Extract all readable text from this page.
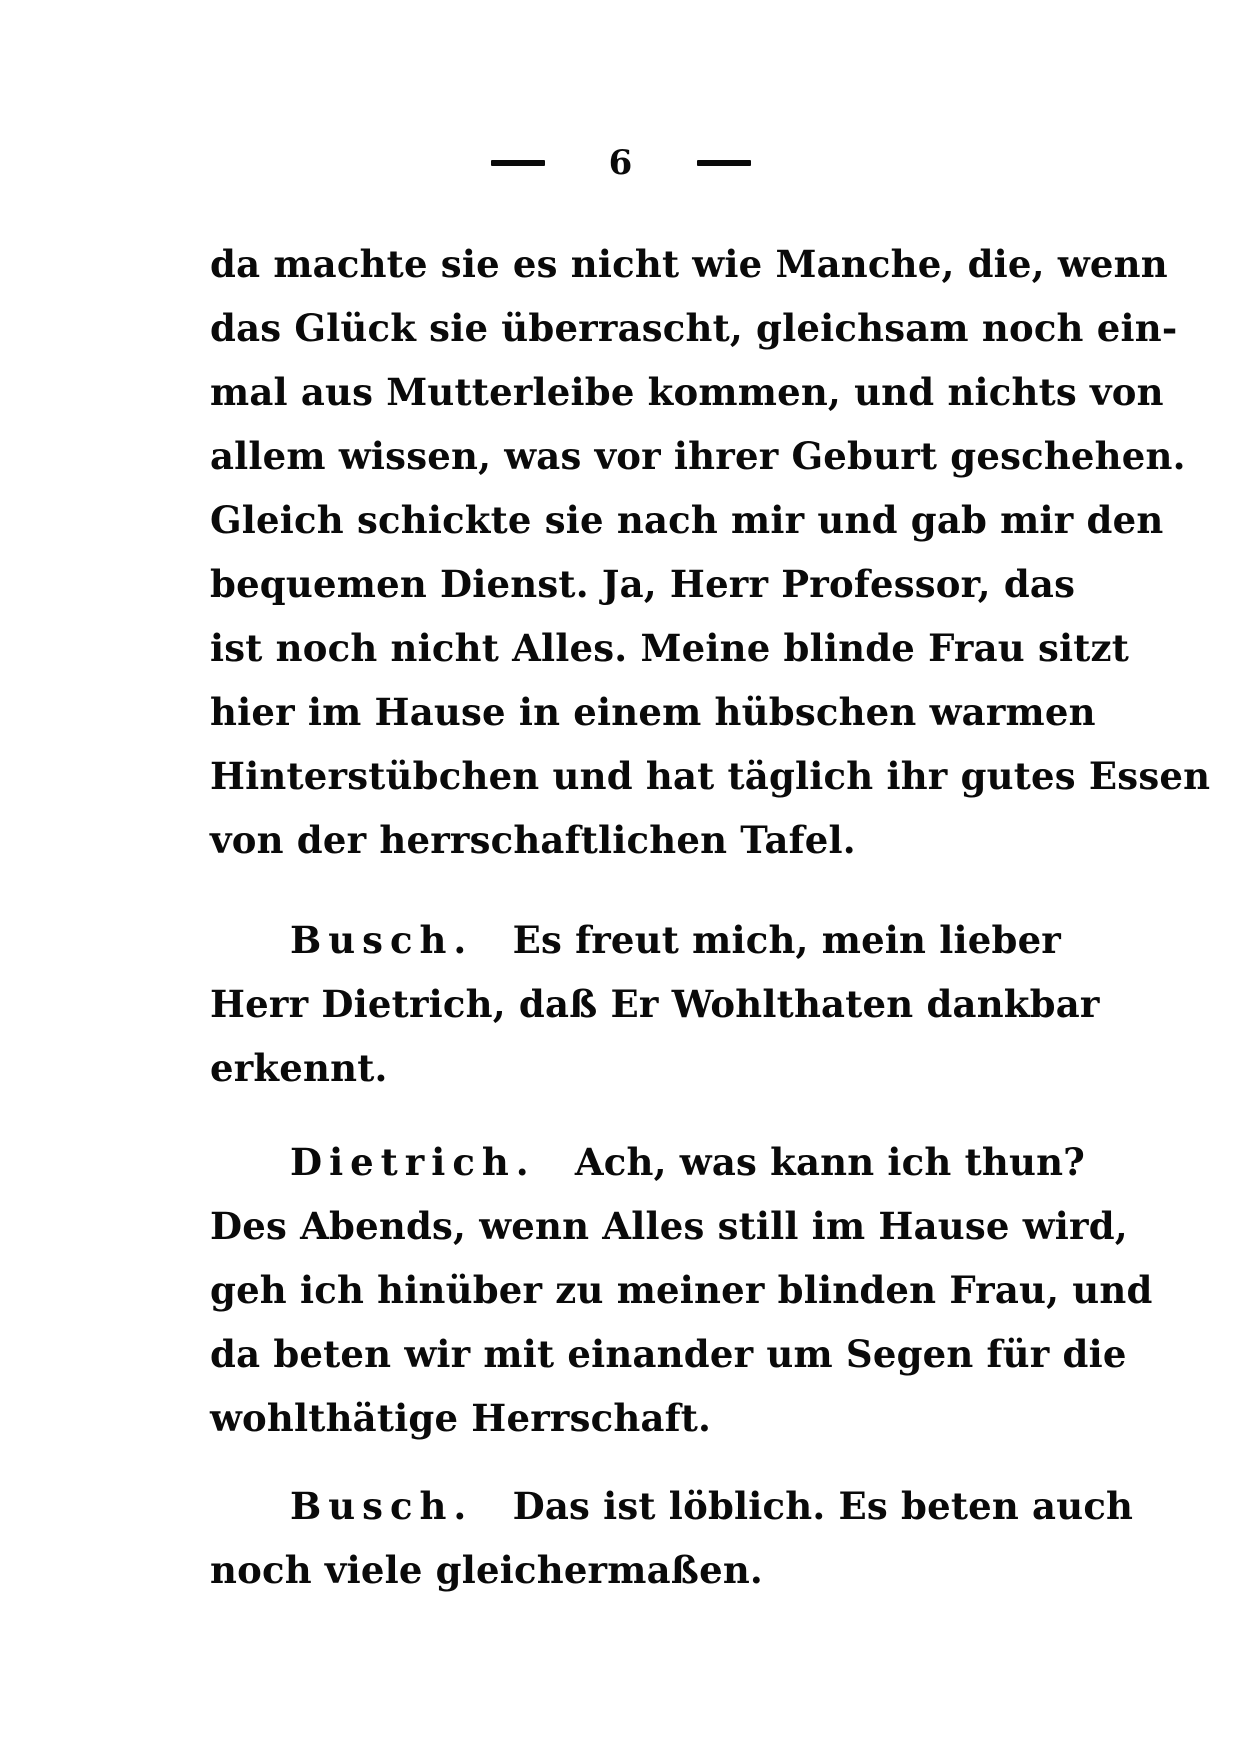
6
da machte sie es nicht wie Manche, die, wenn
das Glück sie überrascht, gleichsam noch ein-
mal aus Mutterleibe kommen, und nichts von
allem wissen, was vor ihrer Geburt geschehen.
Gleich schickte sie nach mir und gab mir den
bequemen Dienst. Ja, Herr Professor, das
ist noch nicht Alles. Meine blinde Frau sitzt
hier im Hause in einem hübschen warmen
Hinterstübchen und hat täglich ihr gutes Essen
von der herrschaftlichen Tafel.
Busch. Es freut mich, mein lieber
Herr Dietrich, daß Er Wohlthaten dankbar
erkennt.
Dietrich. Ach, was kann ich thun?
Des Abends, wenn Alles still im Hause wird,
geh ich hinüber zu meiner blinden Frau, und
da beten wir mit einander um Segen für die
wohlthätige Herrschaft.
Busch. Das ist löblich. Es beten auch
noch viele gleichermaßen.
